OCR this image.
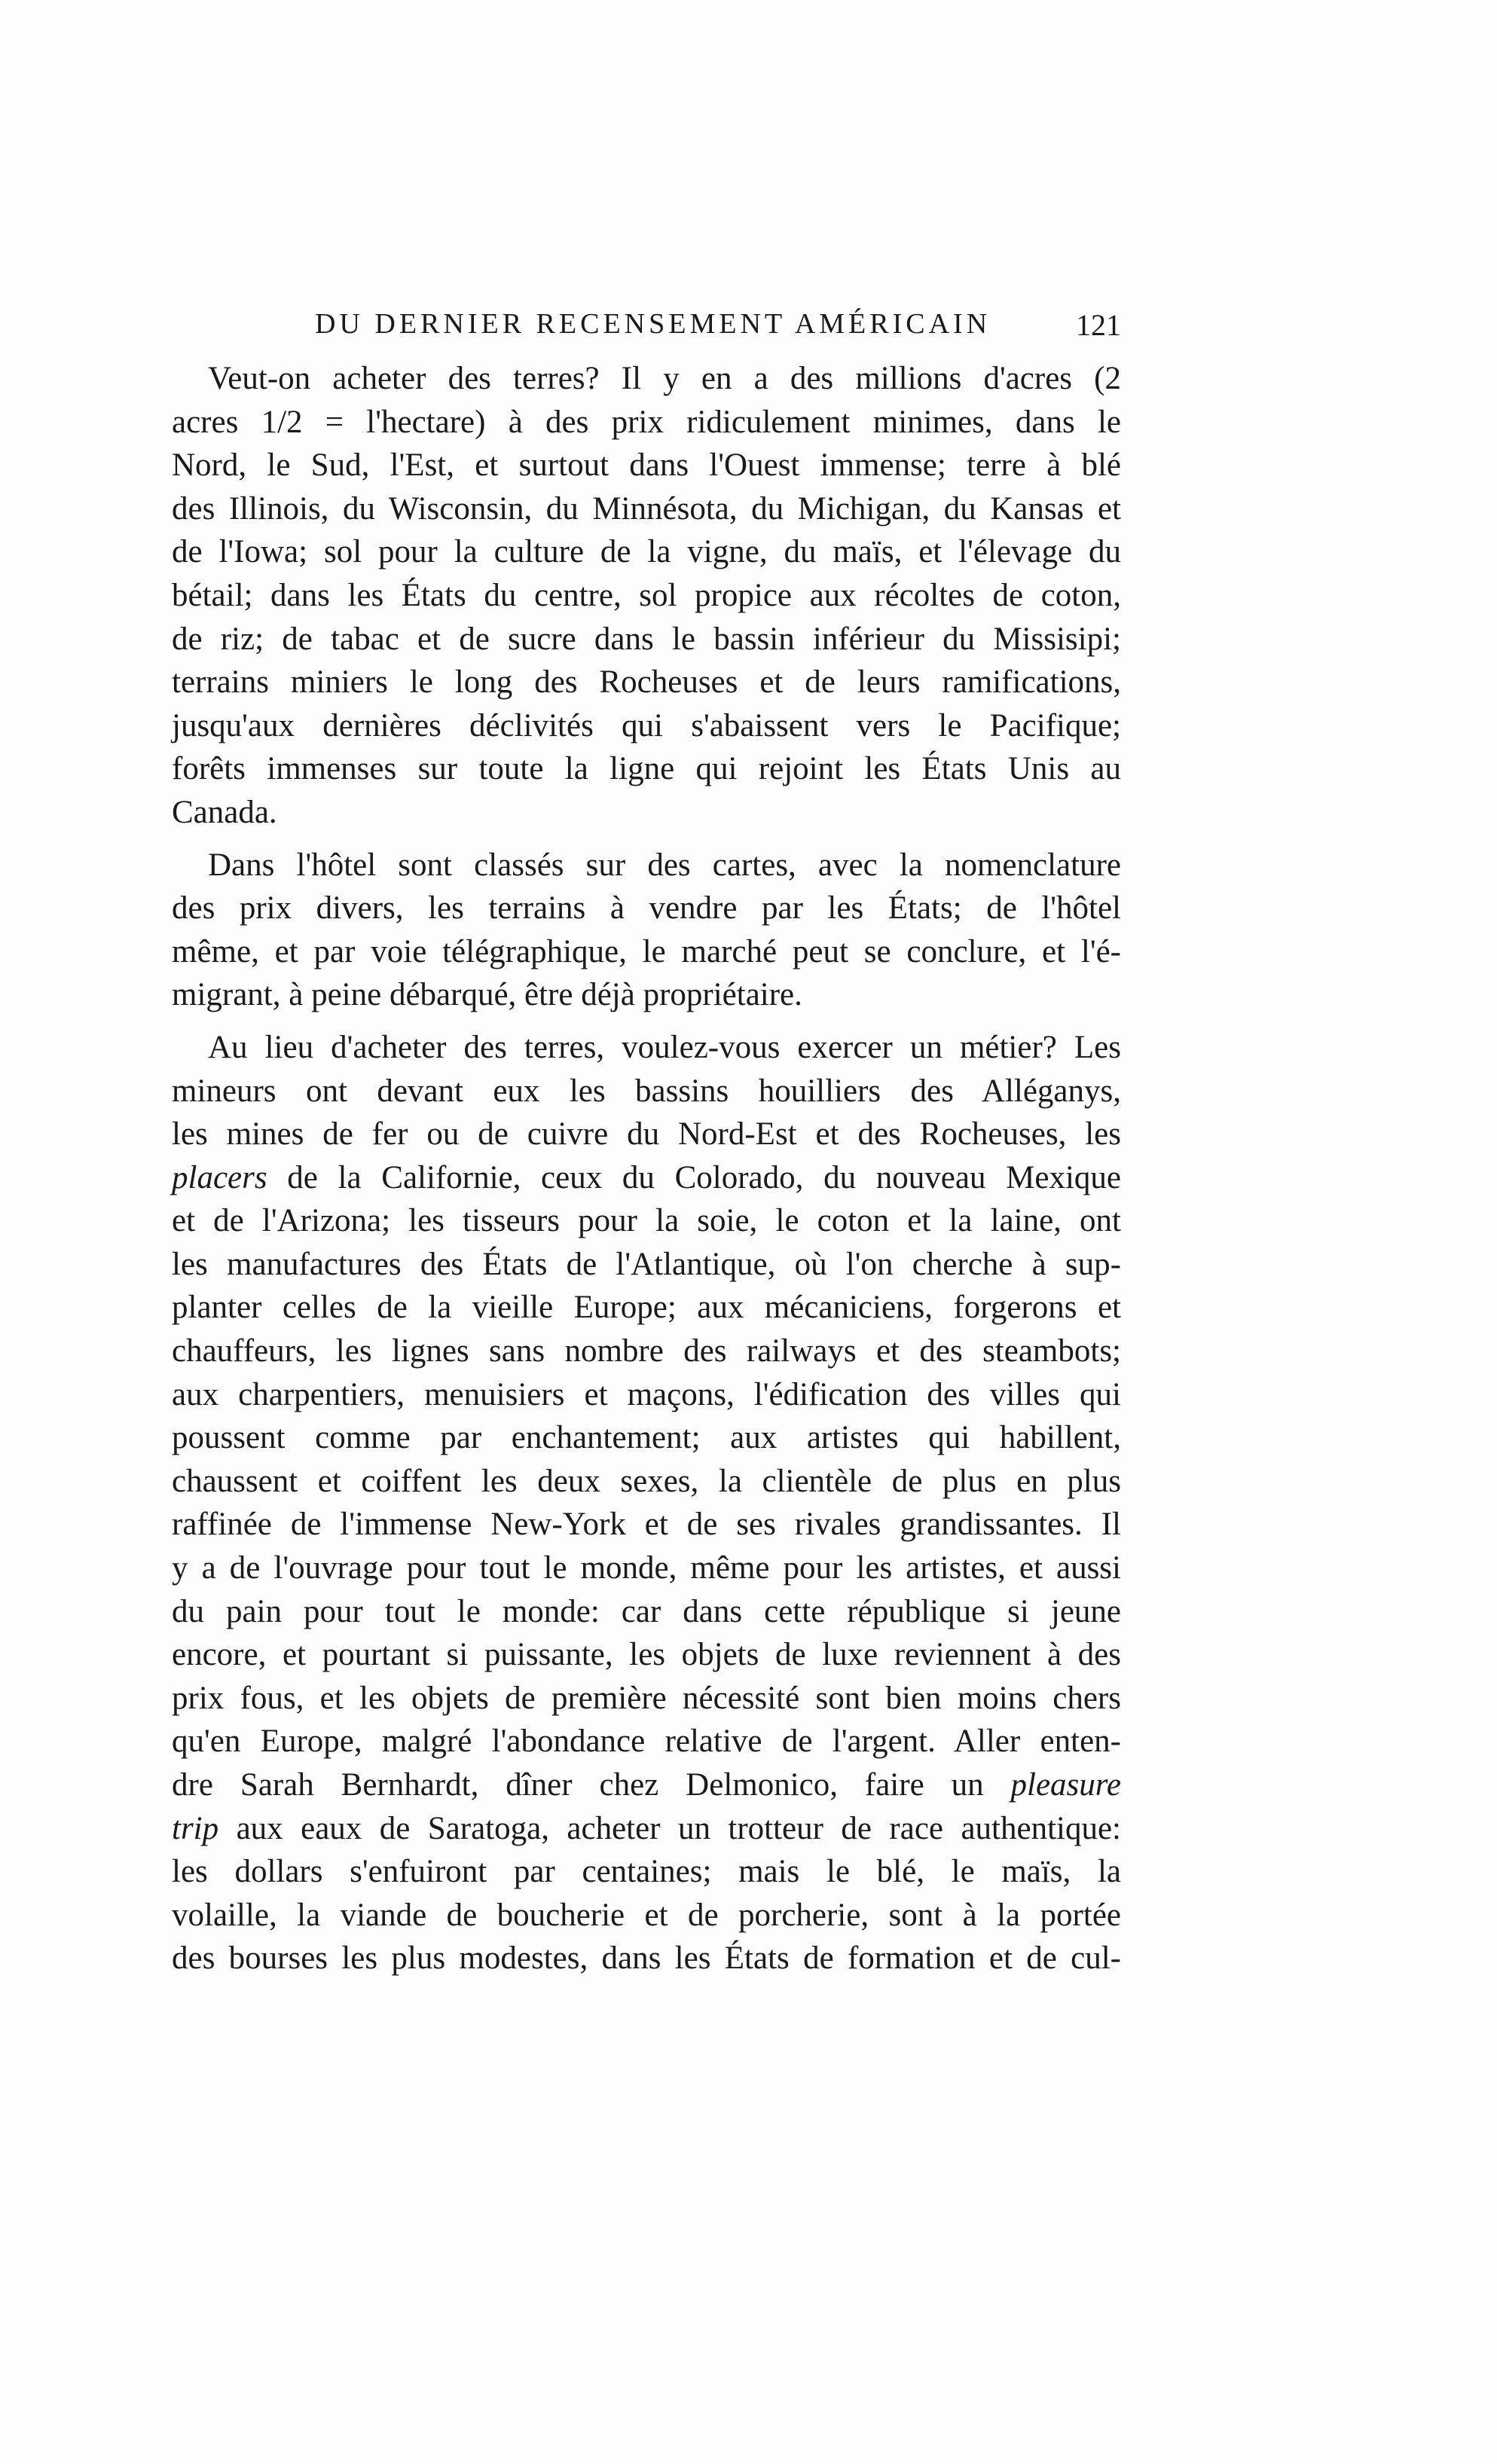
DU DERNIER RECENSEMENT AMÉRICAIN	121
Veut-on acheter des terres? Il y en a des millions d'acres (2
acres 1/2 = l'hectare) à des prix ridiculement minimes, dans le
Nord, le Sud, l'Est, et surtout dans l'Ouest immense; terre à blé
des Illinois, du Wisconsin, du Minnésota, du Michigan, du Kansas et
de l'Iowa; sol pour la culture de la vigne, du maïs, et l'élevage du
bétail; dans les États du centre, sol propice aux récoltes de coton,
de riz; de tabac et de sucre dans le bassin inférieur du Missisipi;
terrains miniers le long des Rocheuses et de leurs ramifications,
jusqu'aux dernières déclivités qui s'abaissent vers le Pacifique;
forêts immenses sur toute la ligne qui rejoint les États Unis au
Canada.
Dans l'hôtel sont classés sur des cartes, avec la nomenclature
des prix divers, les terrains à vendre par les États; de l'hôtel
même, et par voie télégraphique, le marché peut se conclure, et l'é-
migrant, à peine débarqué, être déjà propriétaire.
Au lieu d'acheter des terres, voulez-vous exercer un métier? Les
mineurs ont devant eux les bassins houilliers des Alléganys,
les mines de fer ou de cuivre du Nord-Est et des Rocheuses, les
placers de la Californie, ceux du Colorado, du nouveau Mexique
et de l'Arizona; les tisseurs pour la soie, le coton et la laine, ont
les manufactures des États de l'Atlantique, où l'on cherche à sup-
planter celles de la vieille Europe; aux mécaniciens, forgerons et
chauffeurs, les lignes sans nombre des railways et des steambots;
aux charpentiers, menuisiers et maçons, l'édification des villes qui
poussent comme par enchantement; aux artistes qui habillent,
chaussent et coiffent les deux sexes, la clientèle de plus en plus
raffinée de l'immense New-York et de ses rivales grandissantes. Il
y a de l'ouvrage pour tout le monde, même pour les artistes, et aussi
du pain pour tout le monde: car dans cette république si jeune
encore, et pourtant si puissante, les objets de luxe reviennent à des
prix fous, et les objets de première nécessité sont bien moins chers
qu'en Europe, malgré l'abondance relative de l'argent. Aller enten-
dre Sarah Bernhardt, dîner chez Delmonico, faire un pleasure
trip aux eaux de Saratoga, acheter un trotteur de race authentique:
les dollars s'enfuiront par centaines; mais le blé, le maïs, la
volaille, la viande de boucherie et de porcherie, sont à la portée
des bourses les plus modestes, dans les États de formation et de cul-
